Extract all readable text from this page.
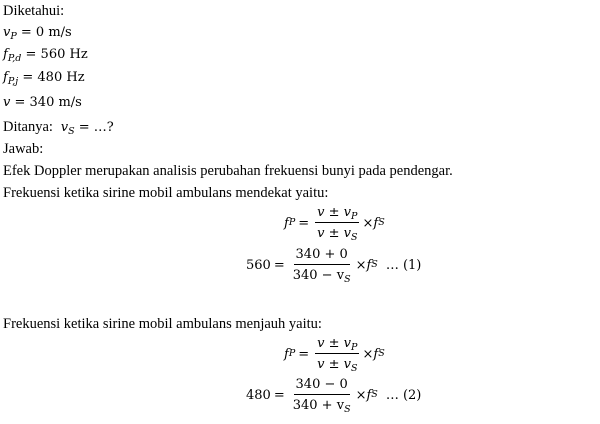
Diketahui:
$v_P = 0$ m/s
$f_{P,d} = 560$ Hz
$f_{P,j} = 480$ Hz
v = 340 m/s
Ditanya: $v_S$ = …?
Jawab:
Efek Doppler merupakan analisis perubahan frekuensi bunyi pada pendengar.
Frekuensi ketika sirine mobil ambulans mendekat yaitu:
f $P = \frac{v \pm v_P}{v \pm v_S} \times f$ S
$560 = \frac{340 + 0}{340 - v_S} \times f$ S … (1)
Frekuensi ketika sirine mobil ambulans menjauh yaitu:
f $P = \frac{v \pm v_P}{v \pm v_S} \times f$ S
$480 = \frac{340 - 0}{340 + v_S} \times f$ S … (2)
